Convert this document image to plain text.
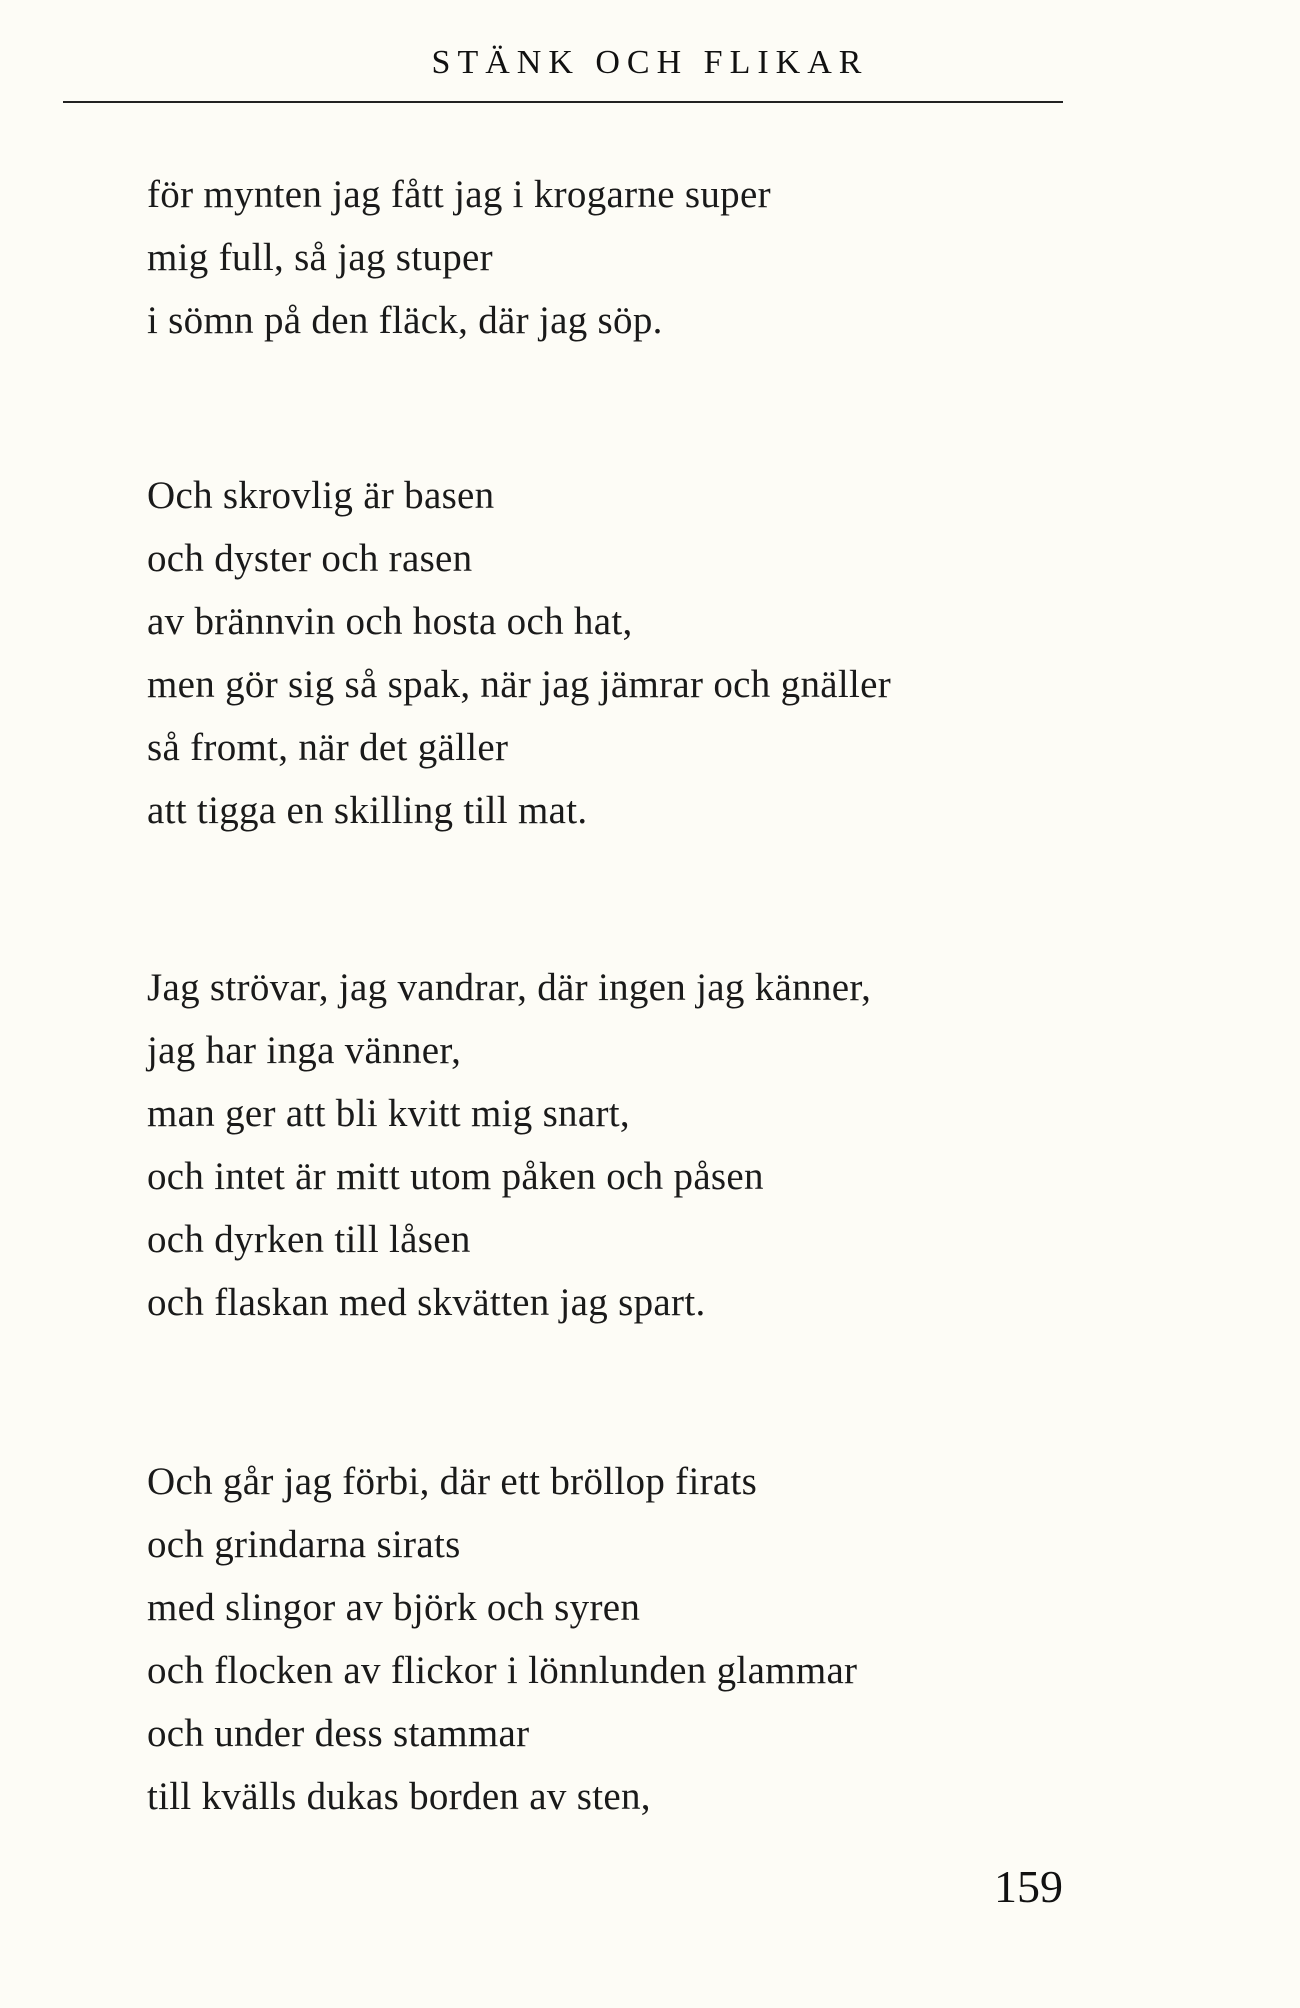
STÄNK OCH FLIKAR
för mynten jag fått jag i krogarne super
mig full, så jag stuper
i sömn på den fläck, där jag söp.
Och skrovlig är basen
och dyster och rasen
av brännvin och hosta och hat,
men gör sig så spak, när jag jämrar och gnäller
så fromt, när det gäller
att tigga en skilling till mat.
Jag strövar, jag vandrar, där ingen jag känner,
jag har inga vänner,
man ger att bli kvitt mig snart,
och intet är mitt utom påken och påsen
och dyrken till låsen
och flaskan med skvätten jag spart.
Och går jag förbi, där ett bröllop firats
och grindarna sirats
med slingor av björk och syren
och flocken av flickor i lönnlunden glammar
och under dess stammar
till kvälls dukas borden av sten,
159
